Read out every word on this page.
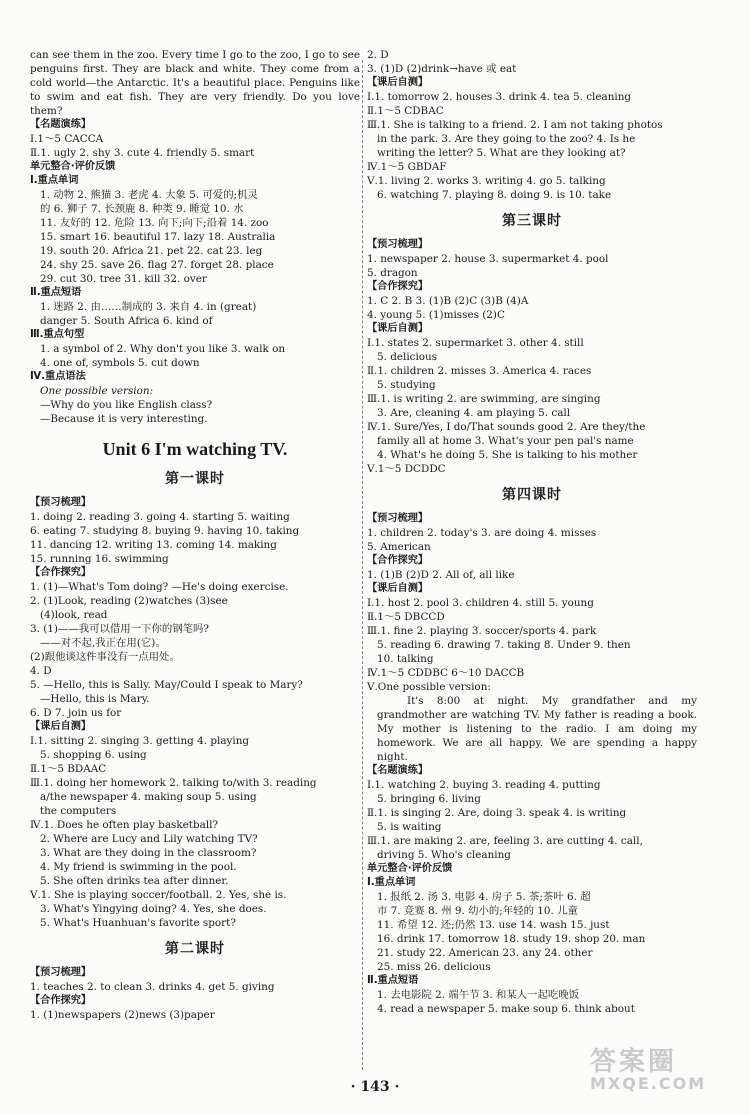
can see them in the zoo. Every time I go to the zoo, I go to see penguins first. They are black and white. They come from a cold world—the Antarctic. It's a beautiful place. Penguins like to swim and eat fish. They are very friendly. Do you love them?
【名题演练】
Ⅰ.1～5 CACCA
Ⅱ.1. ugly 2. shy 3. cute 4. friendly 5. smart
单元整合·评价反馈
Ⅰ.重点单词
1. 动物 2. 熊猫 3. 老虎 4. 大象 5. 可爱的;机灵
的 6. 狮子 7. 长颈鹿 8. 种类 9. 睡觉 10. 水
11. 友好的 12. 危险 13. 向下;向下;沿着 14. zoo
15. smart 16. beautiful 17. lazy 18. Australia
19. south 20. Africa 21. pet 22. cat 23. leg
24. shy 25. save 26. flag 27. forget 28. place
29. cut 30. tree 31. kill 32. over
Ⅱ.重点短语
1. 迷路 2. 由……制成的 3. 来自 4. in (great)
danger 5. South Africa 6. kind of
Ⅲ.重点句型
1. a symbol of 2. Why don't you like 3. walk on
4. one of, symbols 5. cut down
Ⅳ.重点语法
One possible version:
—Why do you like English class?
—Because it is very interesting.
Unit 6 I'm watching TV.
第一课时
【预习梳理】
1. doing 2. reading 3. going 4. starting 5. waiting
6. eating 7. studying 8. buying 9. having 10. taking
11. dancing 12. writing 13. coming 14. making
15. running 16. swimming
【合作探究】
1. (1)—What's Tom doing? —He's doing exercise.
2. (1)Look, reading (2)watches (3)see
(4)look, read
3. (1)——我可以借用一下你的钢笔吗?
——对不起,我正在用(它)。
(2)跟他谈这件事没有一点用处。
4. D
5. —Hello, this is Sally. May/Could I speak to Mary?
—Hello, this is Mary.
6. D 7. join us for
【课后自测】
Ⅰ.1. sitting 2. singing 3. getting 4. playing
5. shopping 6. using
Ⅱ.1～5 BDAAC
Ⅲ.1. doing her homework 2. talking to/with 3. reading
a/the newspaper 4. making soup 5. using
the computers
Ⅳ.1. Does he often play basketball?
2. Where are Lucy and Lily watching TV?
3. What are they doing in the classroom?
4. My friend is swimming in the pool.
5. She often drinks tea after dinner.
Ⅴ.1. She is playing soccer/football. 2. Yes, she is.
3. What's Yingying doing? 4. Yes, she does.
5. What's Huanhuan's favorite sport?
第二课时
【预习梳理】
1. teaches 2. to clean 3. drinks 4. get 5. giving
【合作探究】
1. (1)newspapers (2)news (3)paper
2. D
3. (1)D (2)drink→have 或 eat
【课后自测】
Ⅰ.1. tomorrow 2. houses 3. drink 4. tea 5. cleaning
Ⅱ.1～5 CDBAC
Ⅲ.1. She is talking to a friend. 2. I am not taking photos
in the park. 3. Are they going to the zoo? 4. Is he
writing the letter? 5. What are they looking at?
Ⅳ.1～5 GBDAF
Ⅴ.1. living 2. works 3. writing 4. go 5. talking
6. watching 7. playing 8. doing 9. is 10. take
第三课时
【预习梳理】
1. newspaper 2. house 3. supermarket 4. pool
5. dragon
【合作探究】
1. C 2. B 3. (1)B (2)C (3)B (4)A
4. young 5. (1)misses (2)C
【课后自测】
Ⅰ.1. states 2. supermarket 3. other 4. still
5. delicious
Ⅱ.1. children 2. misses 3. America 4. races
5. studying
Ⅲ.1. is writing 2. are swimming, are singing
3. Are, cleaning 4. am playing 5. call
Ⅳ.1. Sure/Yes, I do/That sounds good 2. Are they/the
family all at home 3. What's your pen pal's name
4. What's he doing 5. She is talking to his mother
Ⅴ.1～5 DCDDC
第四课时
【预习梳理】
1. children 2. today's 3. are doing 4. misses
5. American
【合作探究】
1. (1)B (2)D 2. All of, all like
【课后自测】
Ⅰ.1. host 2. pool 3. children 4. still 5. young
Ⅱ.1～5 DBCCD
Ⅲ.1. fine 2. playing 3. soccer/sports 4. park
5. reading 6. drawing 7. taking 8. Under 9. then
10. talking
Ⅳ.1～5 CDDBC 6～10 DACCB
Ⅴ.One possible version:
It's 8:00 at night. My grandfather and my grandmother are watching TV. My father is reading a book. My mother is listening to the radio. I am doing my homework. We are all happy. We are spending a happy night.
【名题演练】
Ⅰ.1. watching 2. buying 3. reading 4. putting
5. bringing 6. living
Ⅱ.1. is singing 2. Are, doing 3. speak 4. is writing
5. is waiting
Ⅲ.1. are making 2. are, feeling 3. are cutting 4. call,
driving 5. Who's cleaning
单元整合·评价反馈
Ⅰ.重点单词
1. 报纸 2. 汤 3. 电影 4. 房子 5. 茶;茶叶 6. 超
市 7. 竞赛 8. 州 9. 幼小的;年轻的 10. 儿童
11. 希望 12. 还;仍然 13. use 14. wash 15. just
16. drink 17. tomorrow 18. study 19. shop 20. man
21. study 22. American 23. any 24. other
25. miss 26. delicious
Ⅱ.重点短语
1. 去电影院 2. 端午节 3. 和某人一起吃晚饭
4. read a newspaper 5. make soup 6. think about
· 143 ·
答案圈
MXQE.COM
